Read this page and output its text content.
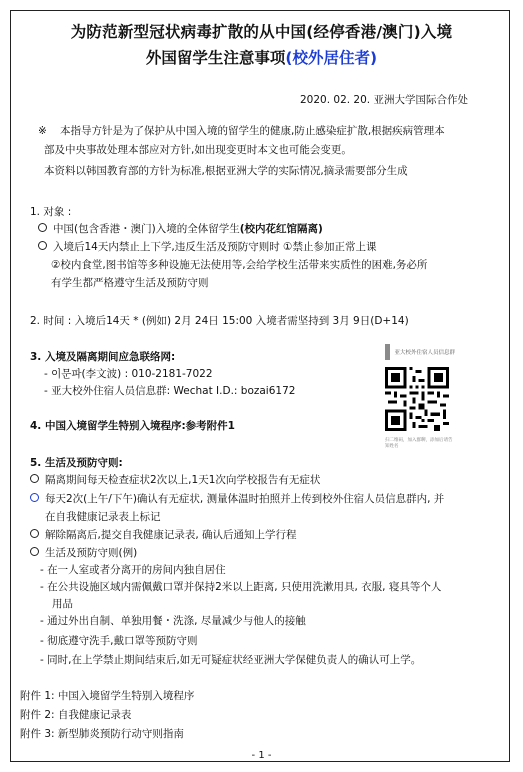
为防范新型冠状病毒扩散的从中国(经停香港/澳门)入境
外国留学生注意事项(校外居住者)
2020. 02. 20. 亚洲大学国际合作处
※ 本指导方针是为了保护从中国入境的留学生的健康,防止感染症扩散,根据疾病管理本
部及中央事故处理本部应对方针,如出现变更时本文也可能会变更。
本资料以韩国教育部的方针为标准,根据亚洲大学的实际情况,摘录需要部分生成
1. 对象 :
中国(包含香港・澳门)入境的全体留学生(校内花红馆隔离)
入境后14天内禁止上下学,违反生活及预防守则时 ①禁止参加正常上课
②校内食堂,图书馆等多种设施无法使用等,会给学校生活带来实质性的困难,务必所
有学生都严格遵守生活及预防守则
2. 时间 : 入境后14天 * (例如) 2月 24日 15:00 入境者需坚持到 3月 9日(D+14)
3. 入境及隔离期间应急联络网:
- 이문파(李文波) : 010-2181-7022
- 亚大校外住宿人员信息群: Wechat I.D.: bozai6172
亚大校外住宿人员信息群
扫二维码，加入群聊，添加后请告知姓名
4. 中国入境留学生特别入境程序:参考附件1
5. 生活及预防守则:
隔离期间每天检查症状2次以上,1天1次向学校报告有无症状
每天2次(上午/下午)确认有无症状, 测量体温时拍照并上传到校外住宿人员信息群内, 并
在自我健康记录表上标记
解除隔离后,提交自我健康记录表, 确认后通知上学行程
生活及预防守则(例)
- 在一人室或者分离开的房间内独自居住
- 在公共设施区域内需佩戴口罩并保持2米以上距离, 只使用洗漱用具, 衣服, 寝具等个人
用品
- 通过外出自制、单独用餐・洗涤, 尽量减少与他人的接触
- 彻底遵守洗手,戴口罩等预防守则
- 同时,在上学禁止期间结束后,如无可疑症状经亚洲大学保健负责人的确认可上学。
附件 1: 中国入境留学生特别入境程序
附件 2: 自我健康记录表
附件 3: 新型肺炎预防行动守则指南
- 1 -
